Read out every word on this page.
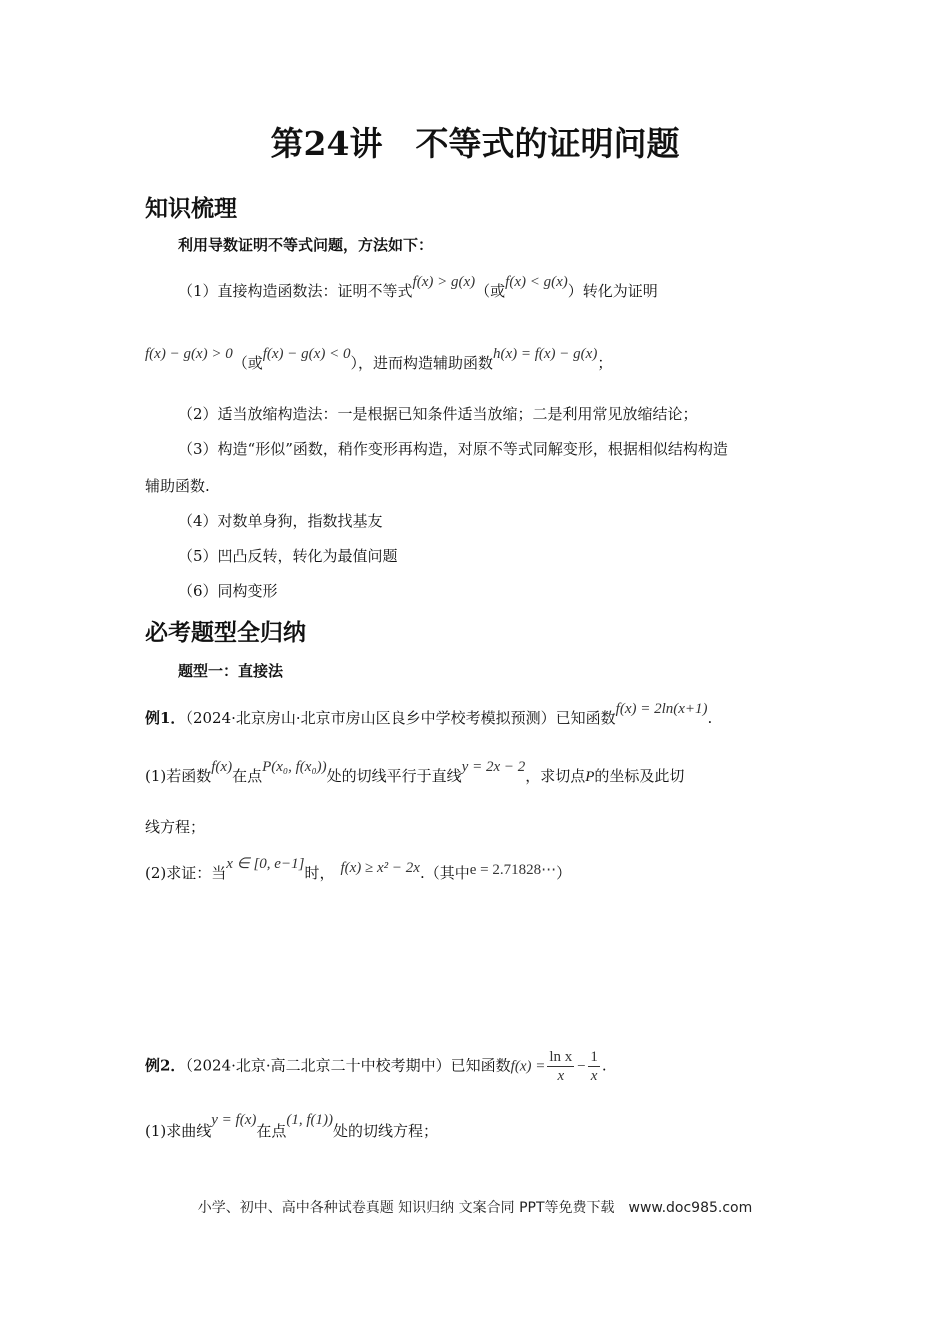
第24讲　不等式的证明问题
知识梳理
利用导数证明不等式问题，方法如下：
（1）直接构造函数法：证明不等式f(x) > g(x)（或f(x) < g(x)）转化为证明
f(x) − g(x) > 0（或f(x) − g(x) < 0），进而构造辅助函数h(x) = f(x) − g(x)；
（2）适当放缩构造法：一是根据已知条件适当放缩；二是利用常见放缩结论；
（3）构造“形似”函数，稍作变形再构造，对原不等式同解变形，根据相似结构构造
辅助函数.
（4）对数单身狗，指数找基友
（5）凹凸反转，转化为最值问题
（6）同构变形
必考题型全归纳
题型一：直接法
例1．（2024·北京房山·北京市房山区良乡中学校考模拟预测）已知函数f(x) = 2ln(x+1).
(1)若函数f(x)在点P(x₀, f(x₀))处的切线平行于直线y = 2x − 2，求切点P的坐标及此切
线方程；
(2)求证：当x ∈ [0, e−1]时， f(x) ≥ x² − 2x.（其中e = 2.71828⋯）
例2．（2024·北京·高二北京二十中校考期中）已知函数$f(x) = \frac{\text{ln x}}{x} - \frac{1}{x}$ .
(1)求曲线y = f(x)在点(1, f(1))处的切线方程；
小学、初中、高中各种试卷真题 知识归纳 文案合同 PPT等免费下载　www.doc985.com
